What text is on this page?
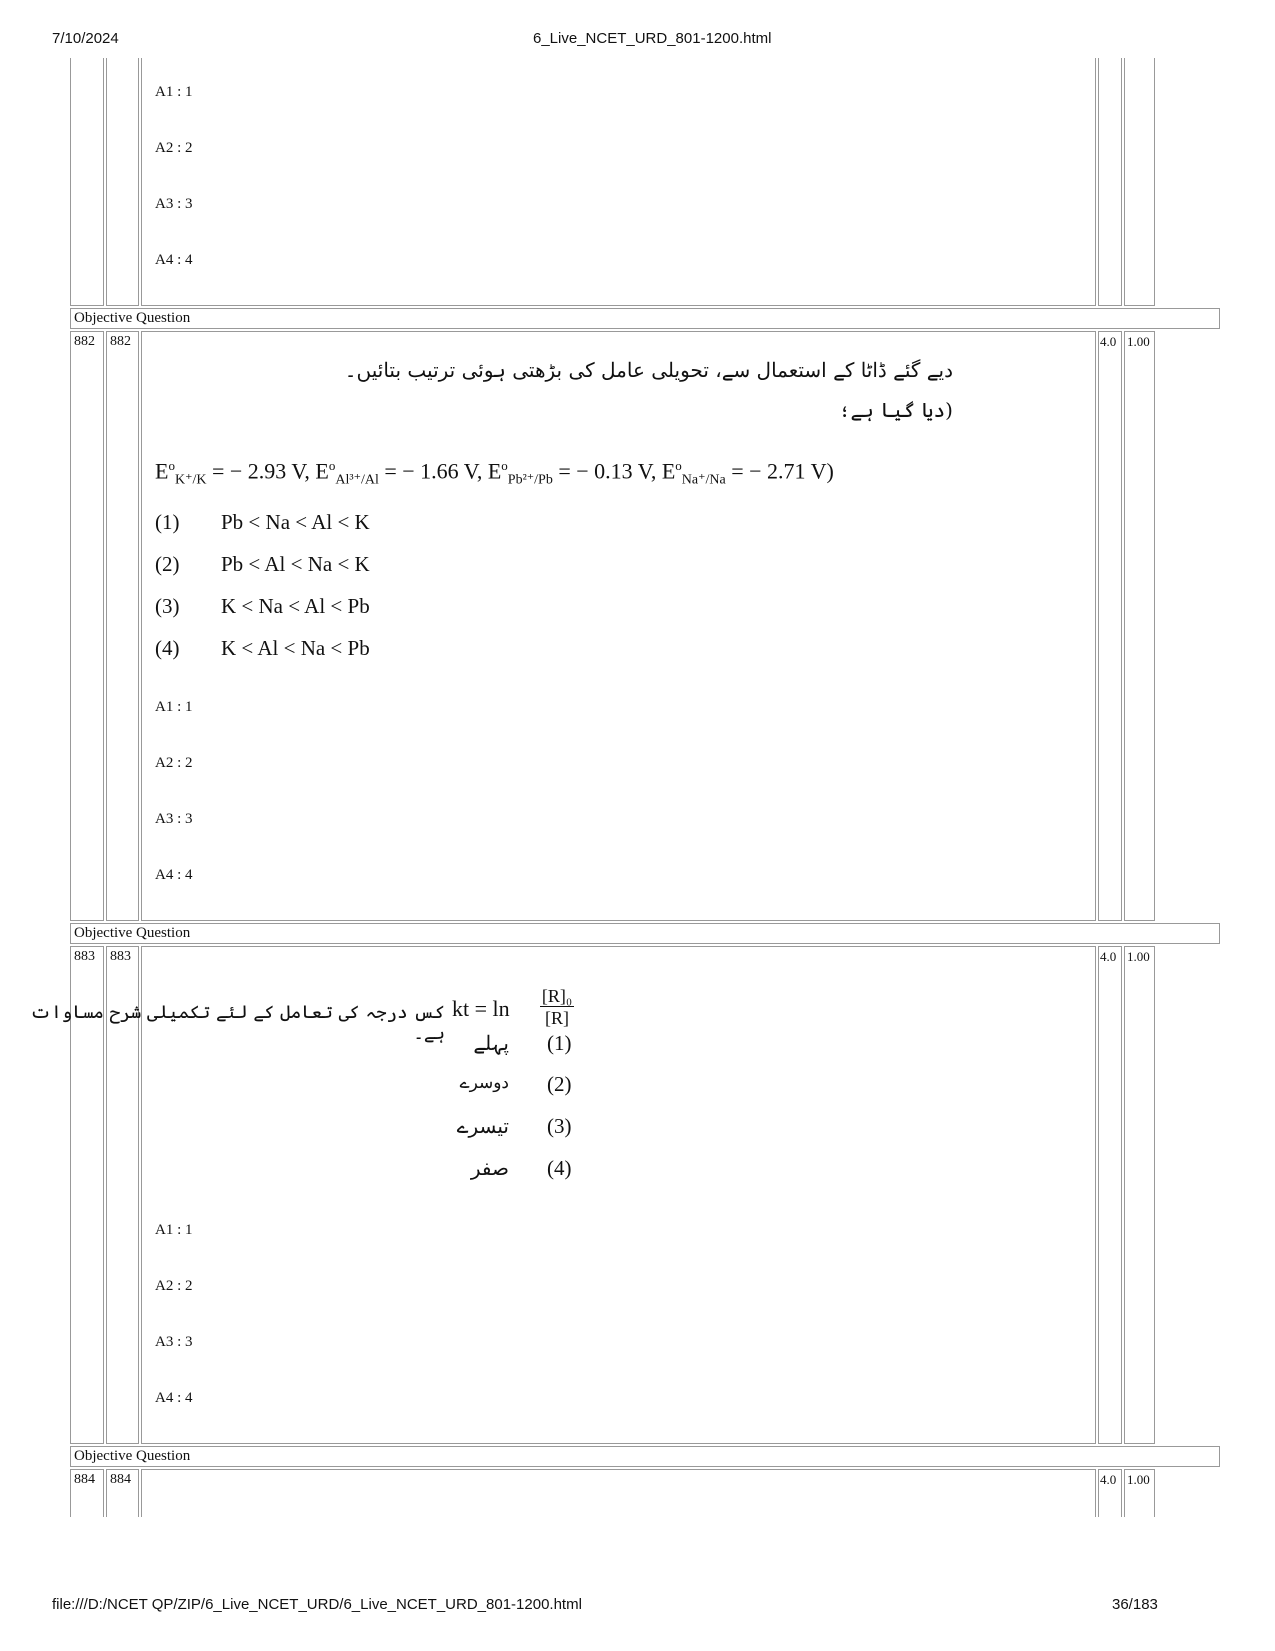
7/10/2024	6_Live_NCET_URD_801-1200.html
A1 : 1
A2 : 2
A3 : 3
A4 : 4
Objective Question
882	882	4.0 1.00
دیے گئے ڈاٹا کے استعمال سے، تحویلی عامل کی بڑھتی ہوئی ترتیب بتائیں۔
(دیا گیا ہے؛
$E^o_{K^+/K}$ = − 2.93 V, $E^o_{Al^{3+}/Al}$ = − 1.66 V, $E^o_{Pb^{2+}/Pb}$ = − 0.13 V, $E^o_{Na^+/Na}$ = − 2.71 V)
(1) Pb < Na < Al < K
(2) Pb < Al < Na < K
(3) K < Na < Al < Pb
(4) K < Al < Na < Pb
A1 : 1
A2 : 2
A3 : 3
A4 : 4
Objective Question
883	883	4.0 1.00
کس درجہ کی تعامل کے لئے تکمیلی شرح مساوات ہے۔
kt = ln [R]₀
[R]
(1)
پہلے
(2)
دوسرے
(3)
تیسرے
(4)
صفر
A1 : 1
A2 : 2
A3 : 3
A4 : 4
Objective Question
884	884	4.0 1.00
file:///D:/NCET QP/ZIP/6_Live_NCET_URD/6_Live_NCET_URD_801-1200.html	36/183
